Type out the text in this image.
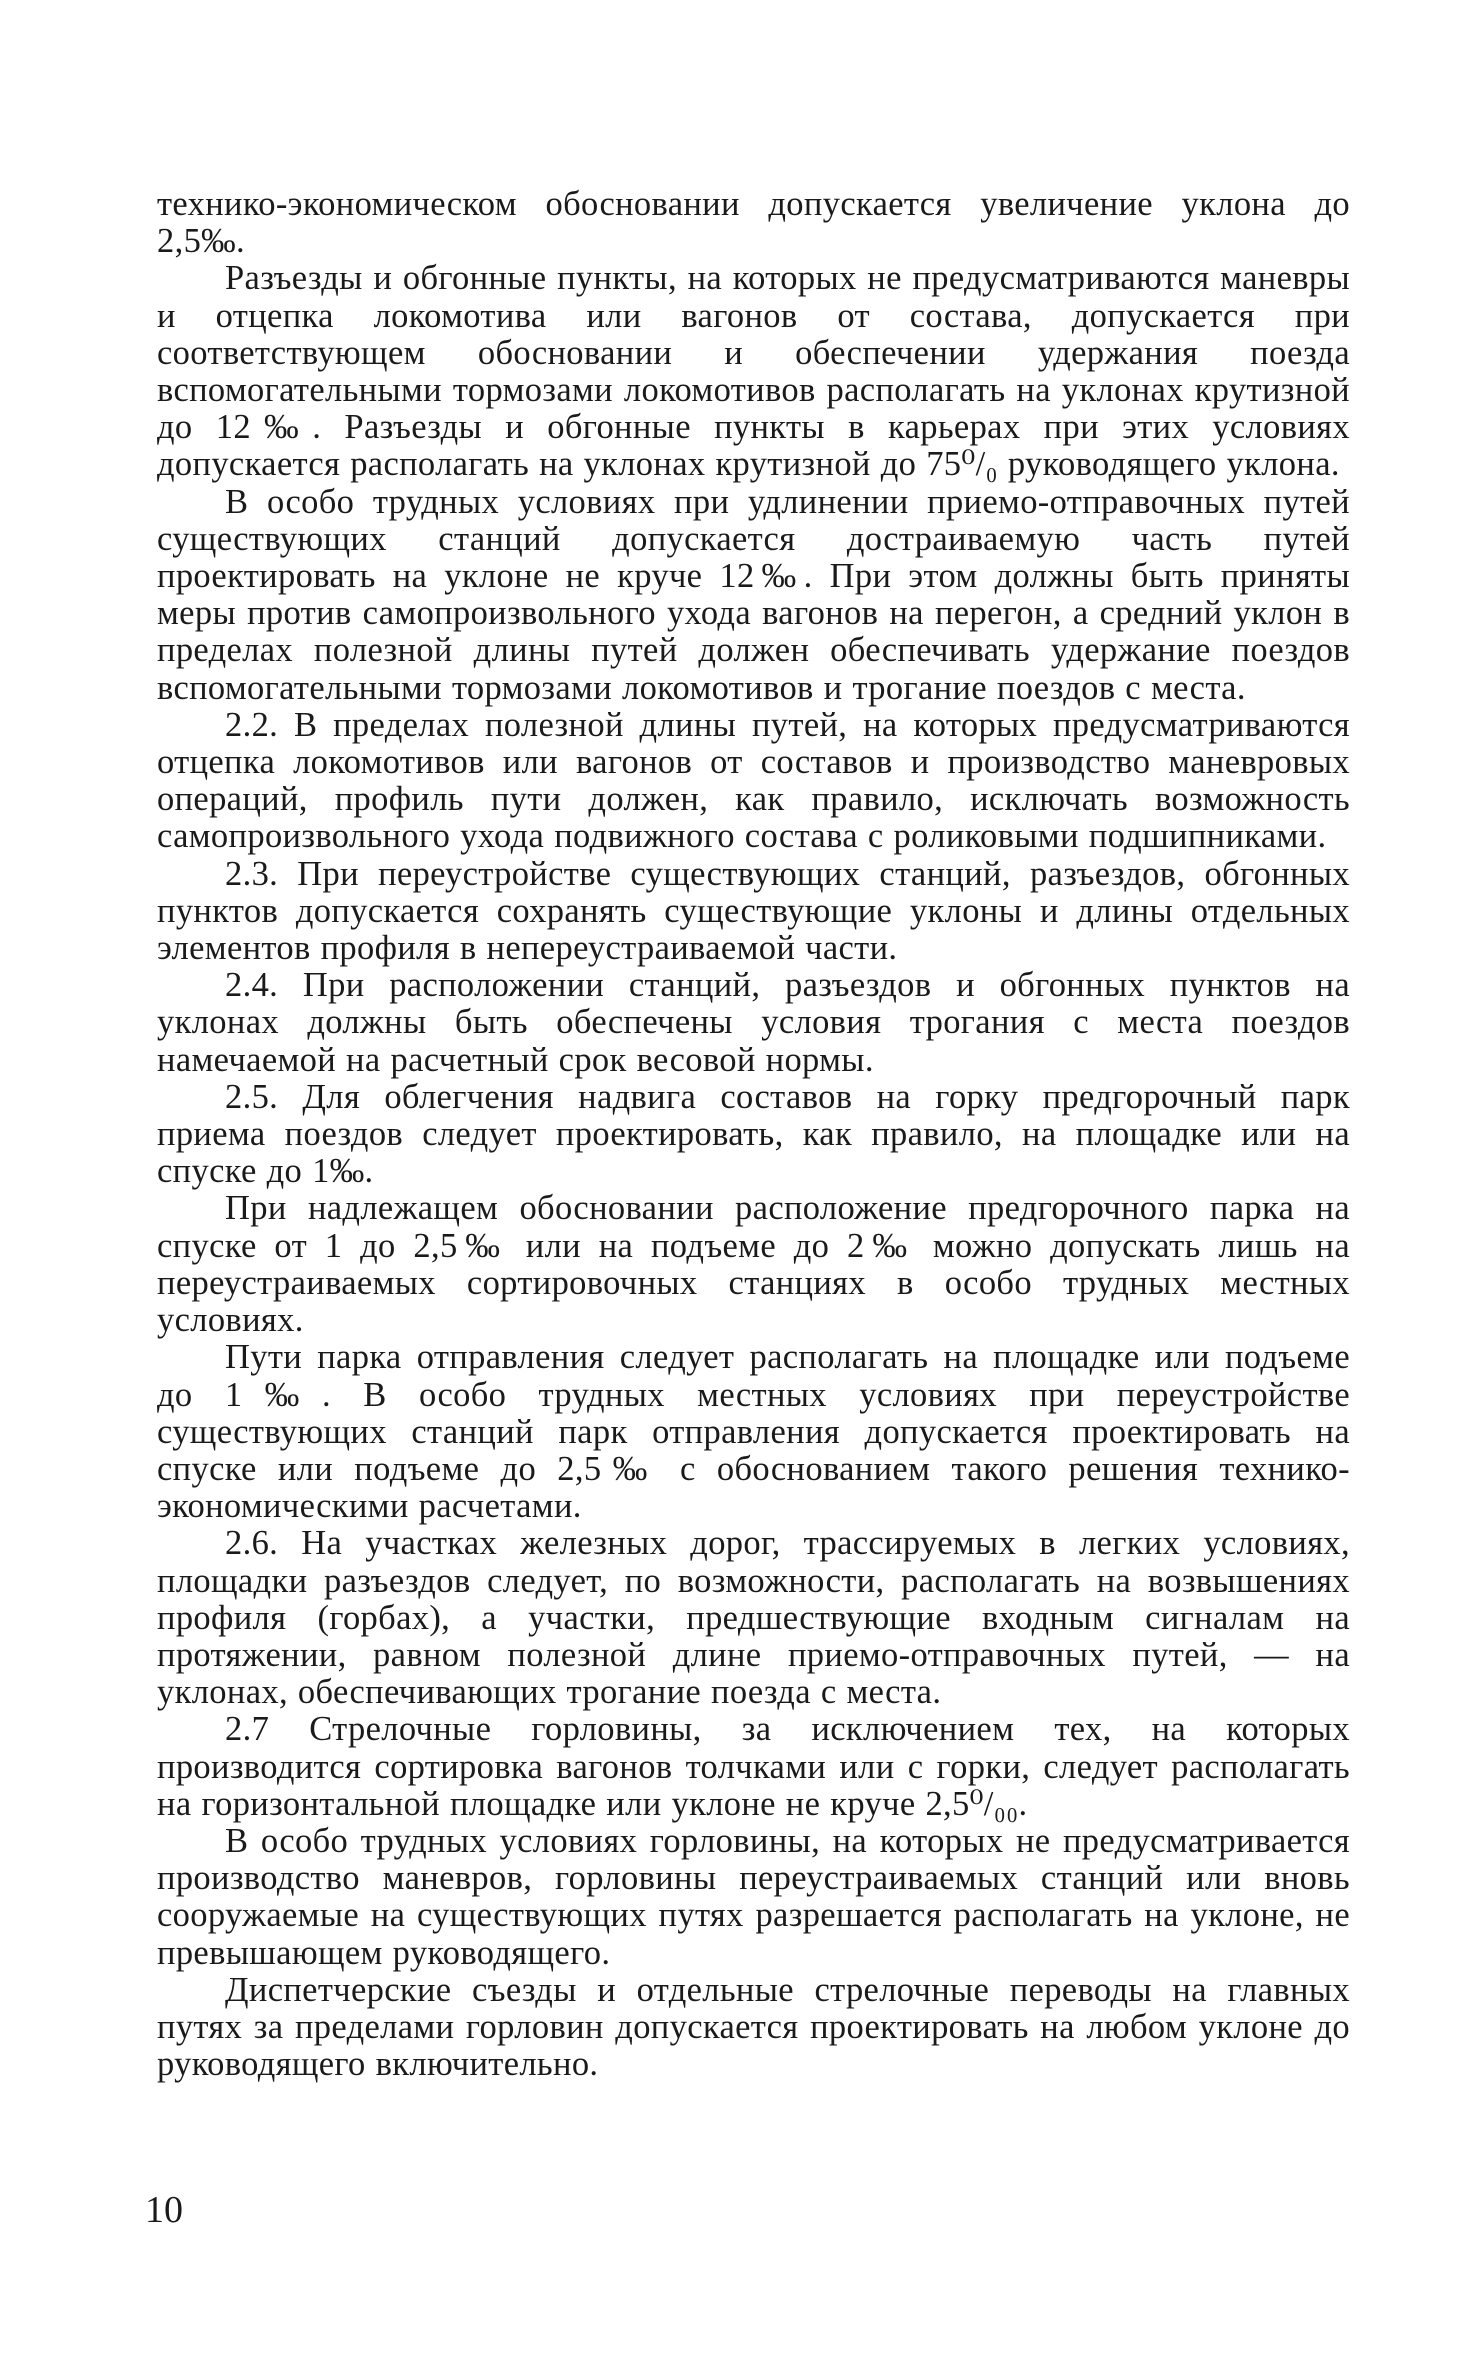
технико-экономическом обосновании допускается увеличение уклона до 2,5‰.

Разъезды и обгонные пункты, на которых не предусматриваются маневры и отцепка локомотива или вагонов от состава, допускается при соответствующем обосновании и обеспечении удержания поезда вспомогательными тормозами локомотивов располагать на уклонах крутизной до 12‰. Разъезды и обгонные пункты в карьерах при этих условиях допускается располагать на уклонах крутизной до 75⁰/₀ руководящего уклона.

В особо трудных условиях при удлинении приемо-отправочных путей существующих станций допускается достраиваемую часть путей проектировать на уклоне не круче 12‰. При этом должны быть приняты меры против самопроизвольного ухода вагонов на перегон, а средний уклон в пределах полезной длины путей должен обеспечивать удержание поездов вспомогательными тормозами локомотивов и трогание поездов с места.

2.2. В пределах полезной длины путей, на которых предусматриваются отцепка локомотивов или вагонов от составов и производство маневровых операций, профиль пути должен, как правило, исключать возможность самопроизвольного ухода подвижного состава с роликовыми подшипниками.

2.3. При переустройстве существующих станций, разъездов, обгонных пунктов допускается сохранять существующие уклоны и длины отдельных элементов профиля в непереустраиваемой части.

2.4. При расположении станций, разъездов и обгонных пунктов на уклонах должны быть обеспечены условия трогания с места поездов намечаемой на расчетный срок весовой нормы.

2.5. Для облегчения надвига составов на горку предгорочный парк приема поездов следует проектировать, как правило, на площадке или на спуске до 1‰.

При надлежащем обосновании расположение предгорочного парка на спуске от 1 до 2,5‰ или на подъеме до 2‰ можно допускать лишь на переустраиваемых сортировочных станциях в особо трудных местных условиях.

Пути парка отправления следует располагать на площадке или подъеме до 1‰. В особо трудных местных условиях при переустройстве существующих станций парк отправления допускается проектировать на спуске или подъеме до 2,5‰ с обоснованием такого решения технико-экономическими расчетами.

2.6. На участках железных дорог, трассируемых в легких условиях, площадки разъездов следует, по возможности, располагать на возвышениях профиля (горбах), а участки, предшествующие входным сигналам на протяжении, равном полезной длине приемо-отправочных путей, — на уклонах, обеспечивающих трогание поезда с места.

2.7 Стрелочные горловины, за исключением тех, на которых производится сортировка вагонов толчками или с горки, следует располагать на горизонтальной площадке или уклоне не круче 2,5⁰/₀₀.

В особо трудных условиях горловины, на которых не предусматривается производство маневров, горловины переустраиваемых станций или вновь сооружаемые на существующих путях разрешается располагать на уклоне, не превышающем руководящего.

Диспетчерские съезды и отдельные стрелочные переводы на главных путях за пределами горловин допускается проектировать на любом уклоне до руководящего включительно.

10
